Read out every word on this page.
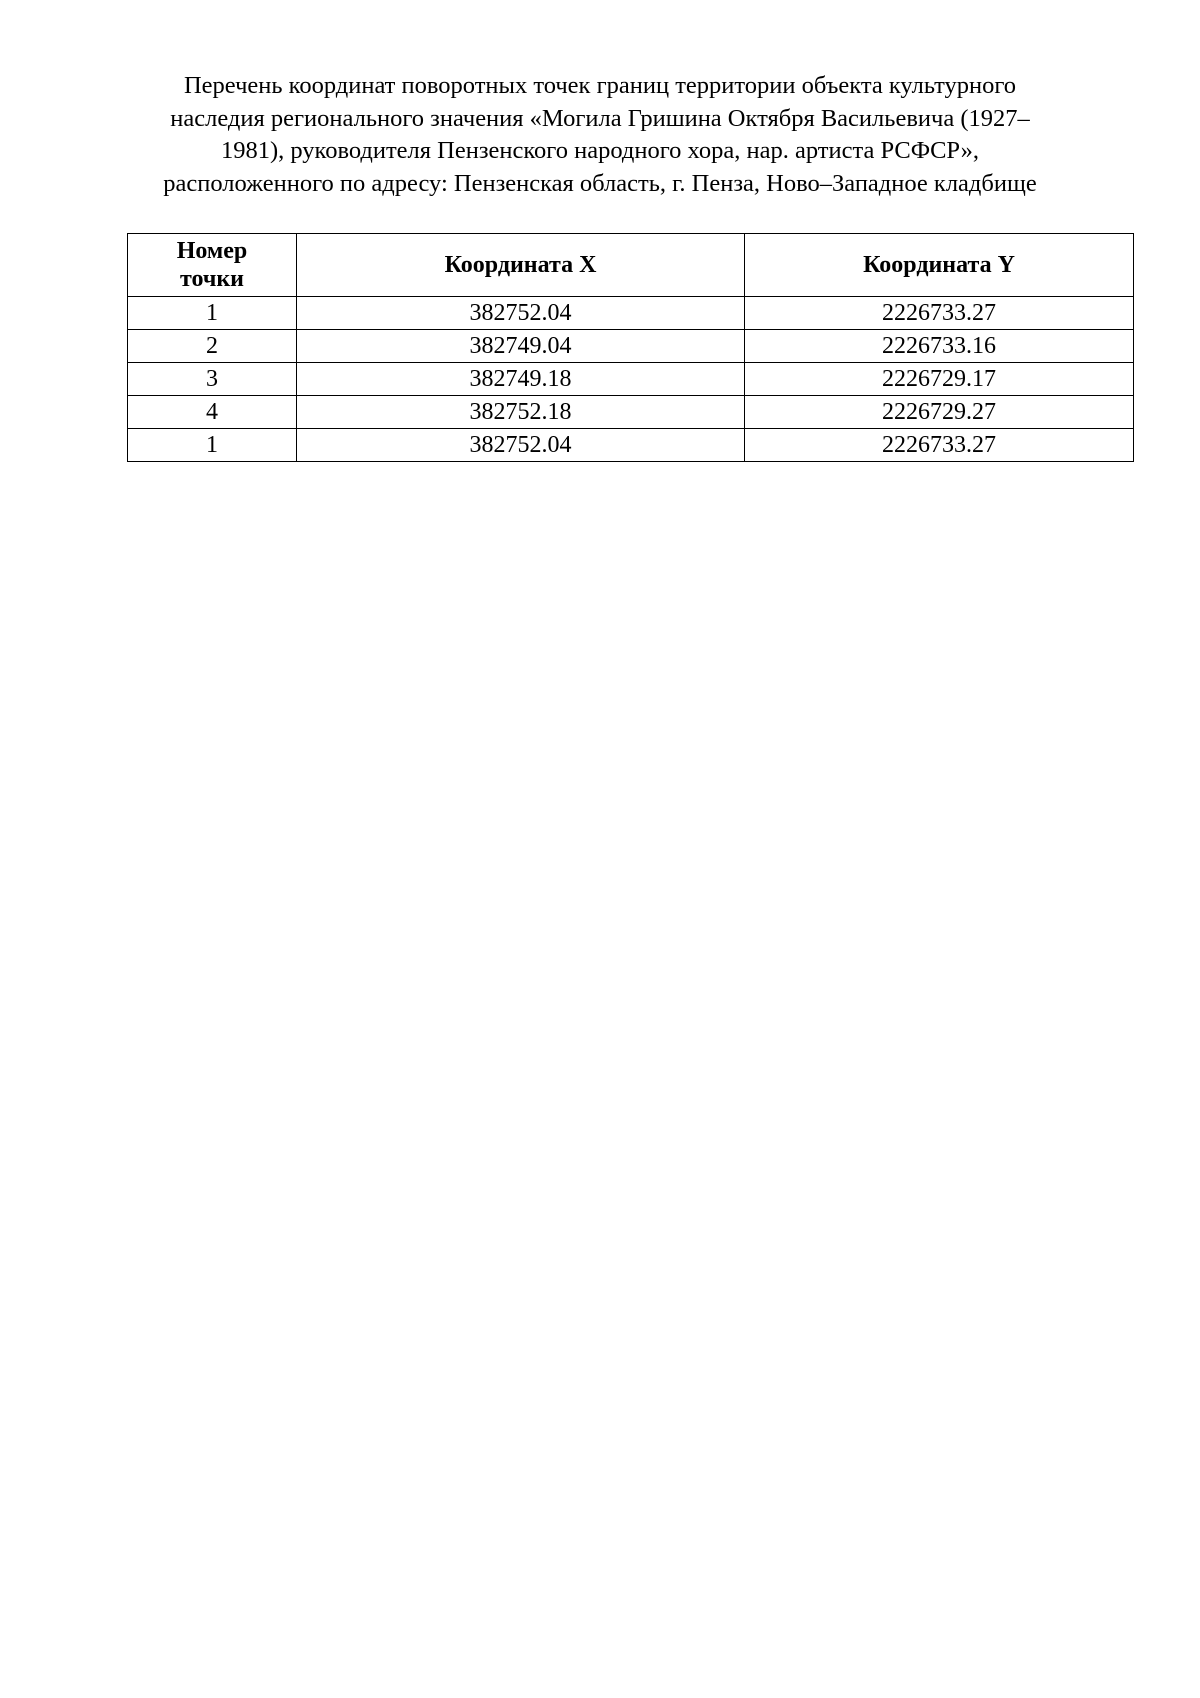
Перечень координат поворотных точек границ территории объекта культурного
наследия регионального значения «Могила Гришина Октября Васильевича (1927–
1981), руководителя Пензенского народного хора, нар. артиста РСФСР»,
расположенного по адресу: Пензенская область, г. Пенза, Ново–Западное кладбище
Номер
точки	Координата X	Координата Y
1	382752.04	2226733.27
2	382749.04	2226733.16
3	382749.18	2226729.17
4	382752.18	2226729.27
1	382752.04	2226733.27
